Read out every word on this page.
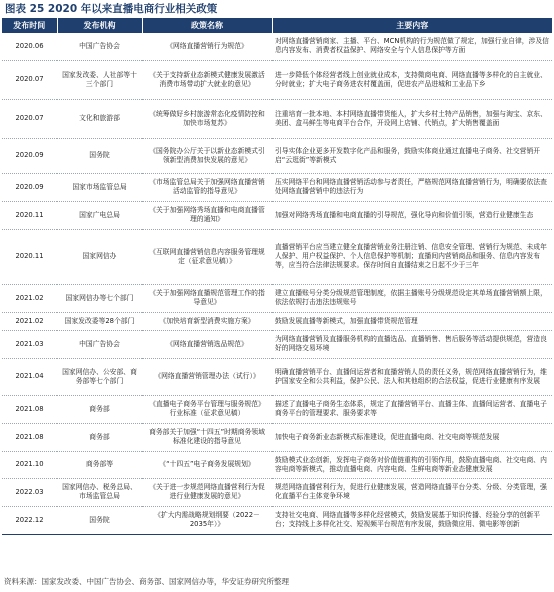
图表 25 2020 年以来直播电商行业相关政策
发布时间	发布机构	政策名称	主要内容
2020.06	中国广告协会	《网络直播营销行为规范》	对网络直播营销商家、主播、平台、MCN机构的行为规范做了规定，加强行业自律，涉及信息内容发布、消费者权益保护、网络安全与个人信息保护等方面
2020.07	国家发改委、人社部等十三个部门	《关于支持新业态新模式健康发展激活消费市场带动扩大就业的意见》	进一步降低个体经营者线上创业就业成本，支持微商电商、网络直播等多样化的自主就业、分时就业；扩大电子商务进农村覆盖面，促进农产品进城和工业品下乡
2020.07	文化和旅游部	《统筹做好乡村旅游常态化疫情防控和加快市场复苏》	注重培育一批本地、本村网络直播带货能人，扩大乡村土特产品销售，加强与淘宝、京东、美团、盒马鲜生等电商平台合作，开设网上店铺、代销点，扩大销售覆盖面
2020.09	国务院	《国务院办公厅关于以新业态新模式引领新型消费加快发展的意见》	引导实体企业更多开发数字化产品和服务，鼓励实体商业通过直播电子商务、社交营销开启“云逛街”等新模式
2020.09	国家市场监管总局	《市场监管总局关于加强网络直播营销活动监管的指导意见》	压实网络平台和网络直播营销活动参与者责任，严格规范网络直播营销行为，明确要依法查处网络直播营销中的违法行为
2020.11	国家广电总局	《关于加强网络秀场直播和电商直播管理的通知》	加强对网络秀场直播和电商直播的引导规范，强化导向和价值引领，营造行业健康生态
2020.11	国家网信办	《互联网直播营销信息内容服务管理规定（征求意见稿）》	直播营销平台应当建立健全直播营销业务注册注销、信息安全管理、营销行为规范、未成年人保护、用户权益保护、个人信息保护等机制；直播间内营销商品和服务、信息内容发布等，应当符合法律法规要求。保存时间自直播结束之日起不少于三年
2021.02	国家网信办等七个部门	《关于加强网络直播规范管理工作的指导意见》	建立直播账号分类分级规范管理制度，依据主播账号分级规范设定其单场直播营销额上限，依法依规打击违法违规账号
2021.02	国家发改委等28个部门	《加快培育新型消费实施方案》	鼓励发展直播等新模式，加强直播带货规范管理
2021.03	中国广告协会	《网络直播营销选品规范》	为网络直播营销及直播服务机构的直播选品、直播销售、售后服务等活动提供规范，营造良好的网络交易环境
2021.04	国家网信办、公安部、商务部等七个部门	《网络直播营销管理办法（试行）》	明确直播营销平台、直播间运营者和直播营销人员的责任义务，规范网络直播营销行为，维护国家安全和公共利益，保护公民、法人和其他组织的合法权益，促进行业健康有序发展
2021.08	商务部	《直播电子商务平台管理与服务规范》行业标准（征求意见稿）	描述了直播电子商务生态体系，规定了直播营销平台、直播主体、直播间运营者、直播电子商务平台的管理要求、服务要求等
2021.08	商务部	商务部关于加强“十四五”时期商务领域标准化建设的指导意见	加快电子商务新业态新模式标准建设，促进直播电商、社交电商等规范发展
2021.10	商务部等	《“十四五”电子商务发展规划》	鼓励模式业态创新，发挥电子商务对价值链重构的引领作用，鼓励直播电商、社交电商、内容电商等新模式，推动直播电商、内容电商、生鲜电商等新业态健康发展
2022.03	国家网信办、税务总局、市场监管总局	《关于进一步规范网络直播营利行为促进行业健康发展的意见》	规范网络直播营利行为，促进行业健康发展，营造网络直播平台分类、分级、分类管理，强化直播平台主体竞争环境
2022.12	国务院	《扩大内需战略规划纲要（2022－2035年）》	支持社交电商、网络直播等多样化经营模式，鼓励发展基于知识传播、经验分享的创新平台；支持线上多样化社交、短视频平台规范有序发展，鼓励微应用、微电影等创新
资料来源：国家发改委、中国广告协会、商务部、国家网信办等，华安证券研究所整理
